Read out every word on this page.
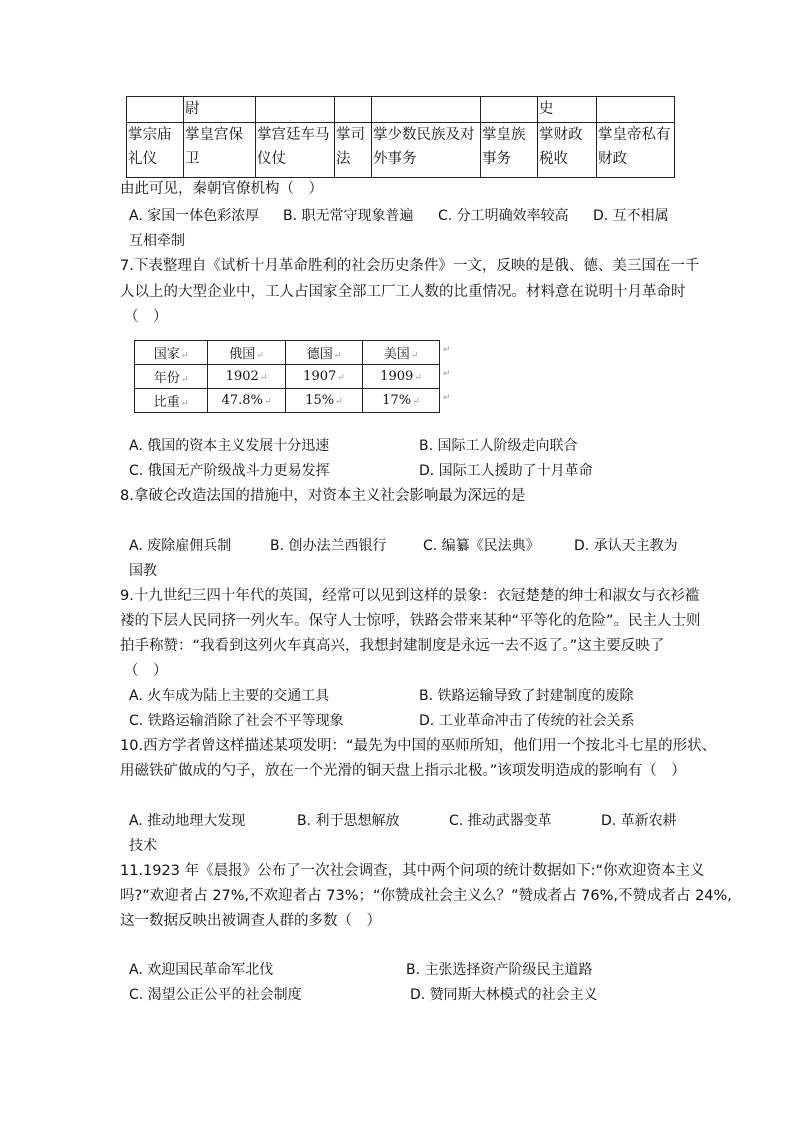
	尉					史	
掌宗庙礼仪	掌皇宫保卫	掌宫廷车马仪仗	掌司法	掌少数民族及对外事务	掌皇族事务	掌财政税收	掌皇帝私有财政
由此可见，秦朝官僚机构（　）
A. 家国一体色彩浓厚 B. 职无常守现象普遍 C. 分工明确效率较高 D. 互不相属
互相牵制
7.下表整理自《试析十月革命胜利的社会历史条件》一文，反映的是俄、德、美三国在一千
人以上的大型企业中，工人占国家全部工厂工人数的比重情况。材料意在说明十月革命时
（　）
国家↵	俄国↵	德国↵	美国↵
年份↵	1902↵	1907↵	1909↵
比重↵	47.8%↵	15%↵	17%↵
↵
↵
↵
A. 俄国的资本主义发展十分迅速	B. 国际工人阶级走向联合
C. 俄国无产阶级战斗力更易发挥	D. 国际工人援助了十月革命
8.拿破仑改造法国的措施中，对资本主义社会影响最为深远的是
A. 废除雇佣兵制	B. 创办法兰西银行	C. 编纂《民法典》 D. 承认天主教为
国教
9.十九世纪三四十年代的英国，经常可以见到这样的景象：衣冠楚楚的绅士和淑女与衣衫褴
褛的下层人民同挤一列火车。保守人士惊呼，铁路会带来某种“平等化的危险”。民主人士则
拍手称赞：“我看到这列火车真高兴，我想封建制度是永远一去不返了。”这主要反映了
（　）
A. 火车成为陆上主要的交通工具	B. 铁路运输导致了封建制度的废除
C. 铁路运输消除了社会不平等现象	D. 工业革命冲击了传统的社会关系
10.西方学者曾这样描述某项发明：“最先为中国的巫师所知，他们用一个按北斗七星的形状、
用磁铁矿做成的勺子，放在一个光滑的铜天盘上指示北极。”该项发明造成的影响有（　）
A. 推动地理大发现	B. 利于思想解放	C. 推动武器变革	D. 革新农耕
技术
11.1923 年《晨报》公布了一次社会调查，其中两个问项的统计数据如下:“你欢迎资本主义
吗?”欢迎者占 27%,不欢迎者占 73%；“你赞成社会主义么？”赞成者占 76%,不赞成者占 24%,
这一数据反映出被调查人群的多数（　）
A. 欢迎国民革命军北伐	B. 主张选择资产阶级民主道路
C. 渴望公正公平的社会制度	D. 赞同斯大林模式的社会主义
